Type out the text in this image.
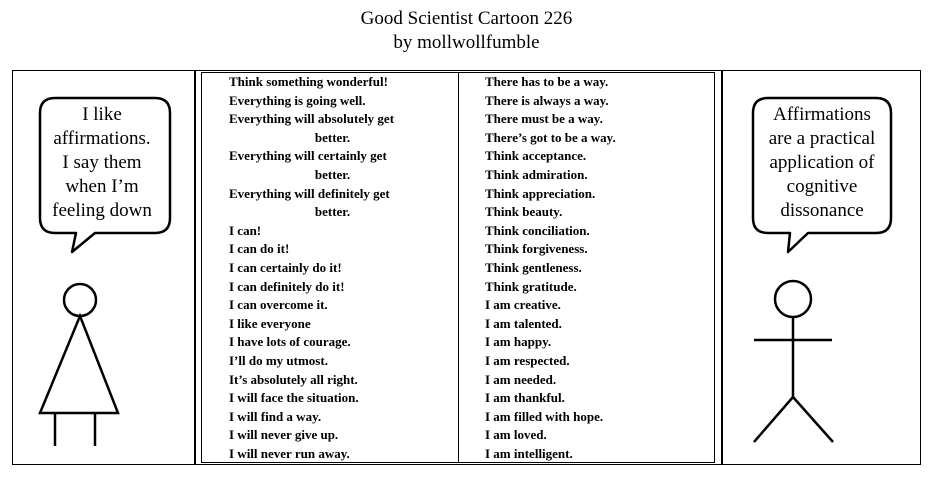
Good Scientist Cartoon 226
by mollwollfumble
I like
affirmations.
I say them
when I’m
feeling down
Affirmations
are a practical
application of
cognitive
dissonance
Think something wonderful!
Everything is going well.
Everything will absolutely get
better.
Everything will certainly get
better.
Everything will definitely get
better.
I can!
I can do it!
I can certainly do it!
I can definitely do it!
I can overcome it.
I like everyone
I have lots of courage.
I’ll do my utmost.
It’s absolutely all right.
I will face the situation.
I will find a way.
I will never give up.
I will never run away.
There has to be a way.
There is always a way.
There must be a way.
There’s got to be a way.
Think acceptance.
Think admiration.
Think appreciation.
Think beauty.
Think conciliation.
Think forgiveness.
Think gentleness.
Think gratitude.
I am creative.
I am talented.
I am happy.
I am respected.
I am needed.
I am thankful.
I am filled with hope.
I am loved.
I am intelligent.
